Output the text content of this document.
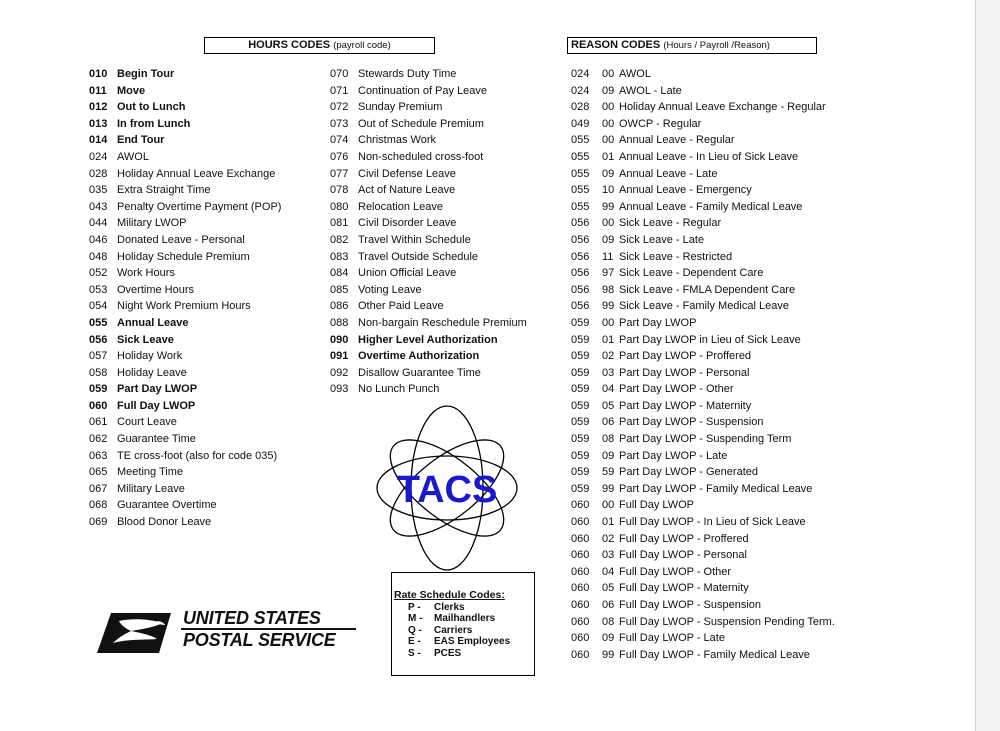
HOURS CODES (payroll code)	REASON CODES (Hours / Payroll /Reason)
010 Begin Tour
011 Move
012 Out to Lunch
013 In from Lunch
014 End Tour
024 AWOL
028 Holiday Annual Leave Exchange
035 Extra Straight Time
043 Penalty Overtime Payment (POP)
044 Military LWOP
046 Donated Leave - Personal
048 Holiday Schedule Premium
052 Work Hours
053 Overtime Hours
054 Night Work Premium Hours
055 Annual Leave
056 Sick Leave
057 Holiday Work
058 Holiday Leave
059 Part Day LWOP
060 Full Day LWOP
061 Court Leave
062 Guarantee Time
063 TE cross-foot (also for code 035)
065 Meeting Time
067 Military Leave
068 Guarantee Overtime
069 Blood Donor Leave
070 Stewards Duty Time
071 Continuation of Pay Leave
072 Sunday Premium
073 Out of Schedule Premium
074 Christmas Work
076 Non-scheduled cross-foot
077 Civil Defense Leave
078 Act of Nature Leave
080 Relocation Leave
081 Civil Disorder Leave
082 Travel Within Schedule
083 Travel Outside Schedule
084 Union Official Leave
085 Voting Leave
086 Other Paid Leave
088 Non-bargain Reschedule Premium
090 Higher Level Authorization
091 Overtime Authorization
092 Disallow Guarantee Time
093 No Lunch Punch
024 00 AWOL
024 09 AWOL - Late
028 00 Holiday Annual Leave Exchange - Regular
049 00 OWCP - Regular
055 00 Annual Leave - Regular
055 01 Annual Leave - In Lieu of Sick Leave
055 09 Annual Leave - Late
055 10 Annual Leave - Emergency
055 99 Annual Leave - Family Medical Leave
056 00 Sick Leave - Regular
056 09 Sick Leave - Late
056 11 Sick Leave - Restricted
056 97 Sick Leave - Dependent Care
056 98 Sick Leave - FMLA Dependent Care
056 99 Sick Leave - Family Medical Leave
059 00 Part Day LWOP
059 01 Part Day LWOP in Lieu of Sick Leave
059 02 Part Day LWOP - Proffered
059 03 Part Day LWOP - Personal
059 04 Part Day LWOP - Other
059 05 Part Day LWOP - Maternity
059 06 Part Day LWOP - Suspension
059 08 Part Day LWOP - Suspending Term
059 09 Part Day LWOP - Late
059 59 Part Day LWOP - Generated
059 99 Part Day LWOP - Family Medical Leave
060 00 Full Day LWOP
060 01 Full Day LWOP - In Lieu of Sick Leave
060 02 Full Day LWOP - Proffered
060 03 Full Day LWOP - Personal
060 04 Full Day LWOP - Other
060 05 Full Day LWOP - Maternity
060 06 Full Day LWOP - Suspension
060 08 Full Day LWOP - Suspension Pending Term.
060 09 Full Day LWOP - Late
060 99 Full Day LWOP - Family Medical Leave
TACS
Rate Schedule Codes:
P - Clerks
M - Mailhandlers
Q - Carriers
E - EAS Employees
S - PCES
UNITED STATES
POSTAL SERVICE
